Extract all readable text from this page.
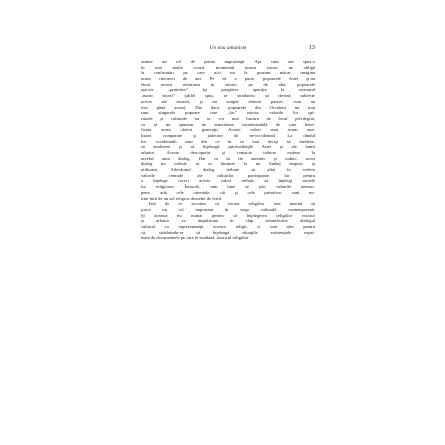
Un nou umanism	13
asume un rol de prima importanţă. Aşa cum am spus-o
în mai multe ocazii, momentul nostru istoric ne obligă
la confruntări pe care nici nu le puteam măcar imagina
acum cincizeci de ani. Pe de o parte, popoarele Asiei şi-au
făcut recent reintrarea în istorie, pe de alta, popoarele
aşa-zis „primitive” îşi pregătesc apariţia la orizontul
„marii istorii” (altfel spus, se străduiesc să devină subiecte
active ale istoriei, şi nu simple obiecte pasive, cum au
fost până acum). Dar dacă popoarele din Occident nu mai
sunt singurele popoare care „fac” istoria, valorile lor spi-
rituale şi culturale nu se vor mai bucura de locul privilegiat,
ca să nu spunem de autoritatea incontestabilă de care bene-
ficiau acum câteva generaţii. Aceste valori sunt acum ana-
lizate, comparate şi judecate de ne-occidentali. La rândul
lor, occidentalii sunt din ce în ce mai decişi să studieze,
să analizeze şi să înţeleagă spiritualităţile Asiei şi ale lumii
arhaice. Aceste descoperiri şi contacte trebuie extinse la
nivelul unui dialog. Dar ca să fie autentic şi rodnic, acest
dialog nu trebuie să se limiteze la un limbaj empiric şi
utilitarist. Adevăratul dialog trebuie să aibă în vedere
valorile centrale ale culturilor participante. Iar pentru
a înţelege corect aceste valori trebuie să înţelegi sursele
lor religioase. Întrucât, cum bine se ştie, culturile neeuro-
pene, atât cele orientale, cât şi cele primitive, sunt nu-
trite încă de un sol religios deosebit de fertil.
Iată de ce socotim că istoria religiilor este menită să
joace un rol important în viaţa culturală contemporană.
Şi aceasta nu numai pentru că înţelegerea religiilor exotice
şi arhaice va impulsiona în chip semnificativ dialogul
cultural cu reprezentanţii acestor religii, ci mai ales pentru
că, străduindu-se să înţeleagă situaţiile existenţiale expri-
mate de documentele pe care le studiază, istoricul religiilor
